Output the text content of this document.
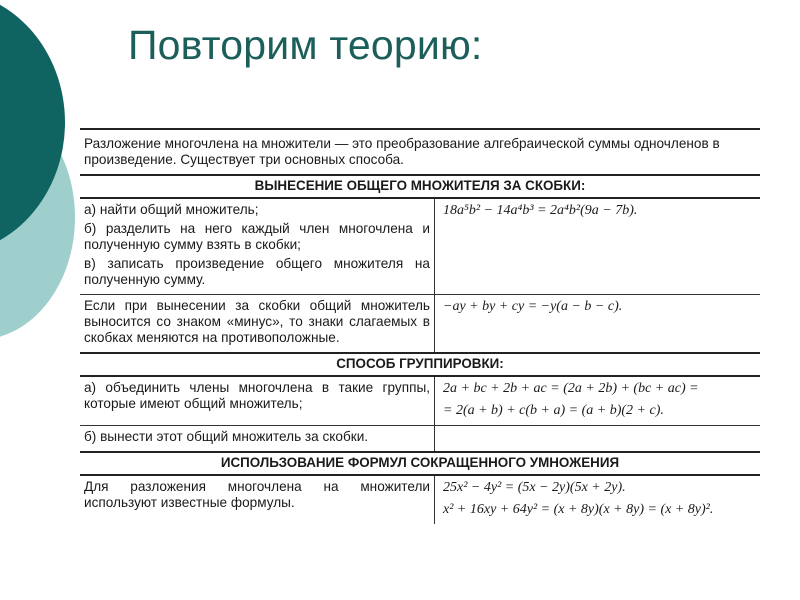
Повторим теорию:
Разложение многочлена на множители — это преобразование алгебраической суммы одночленов в произведение. Существует три основных способа.
ВЫНЕСЕНИЕ ОБЩЕГО МНОЖИТЕЛЯ ЗА СКОБКИ:

а) найти общий множитель;

б) разделить на него каждый член многочлена и полученную сумму взять в скобки;

в) записать произведение общего множителя на полученную сумму.

18a⁵b² − 14a⁴b³ = 2a⁴b²(9a − 7b).

Если при вынесении за скобки общий множитель выносится со знаком «минус», то знаки слагаемых в скобках меняются на противоположные.

−ay + by + cy = −y(a − b − c).
СПОСОБ ГРУППИРОВКИ:

а) объединить члены многочлена в такие группы, которые имеют общий множитель;

2a + bc + 2b + ac = (2a + 2b) + (bc + ac) =
= 2(a + b) + c(b + a) = (a + b)(2 + c).

б) вынести этот общий множитель за скобки.

ИСПОЛЬЗОВАНИЕ ФОРМУЛ СОКРАЩЕННОГО УМНОЖЕНИЯ

Для разложения многочлена на множители используют известные формулы.

25x² − 4y² = (5x − 2y)(5x + 2y).
x² + 16xy + 64y² = (x + 8y)(x + 8y) = (x + 8y)².
